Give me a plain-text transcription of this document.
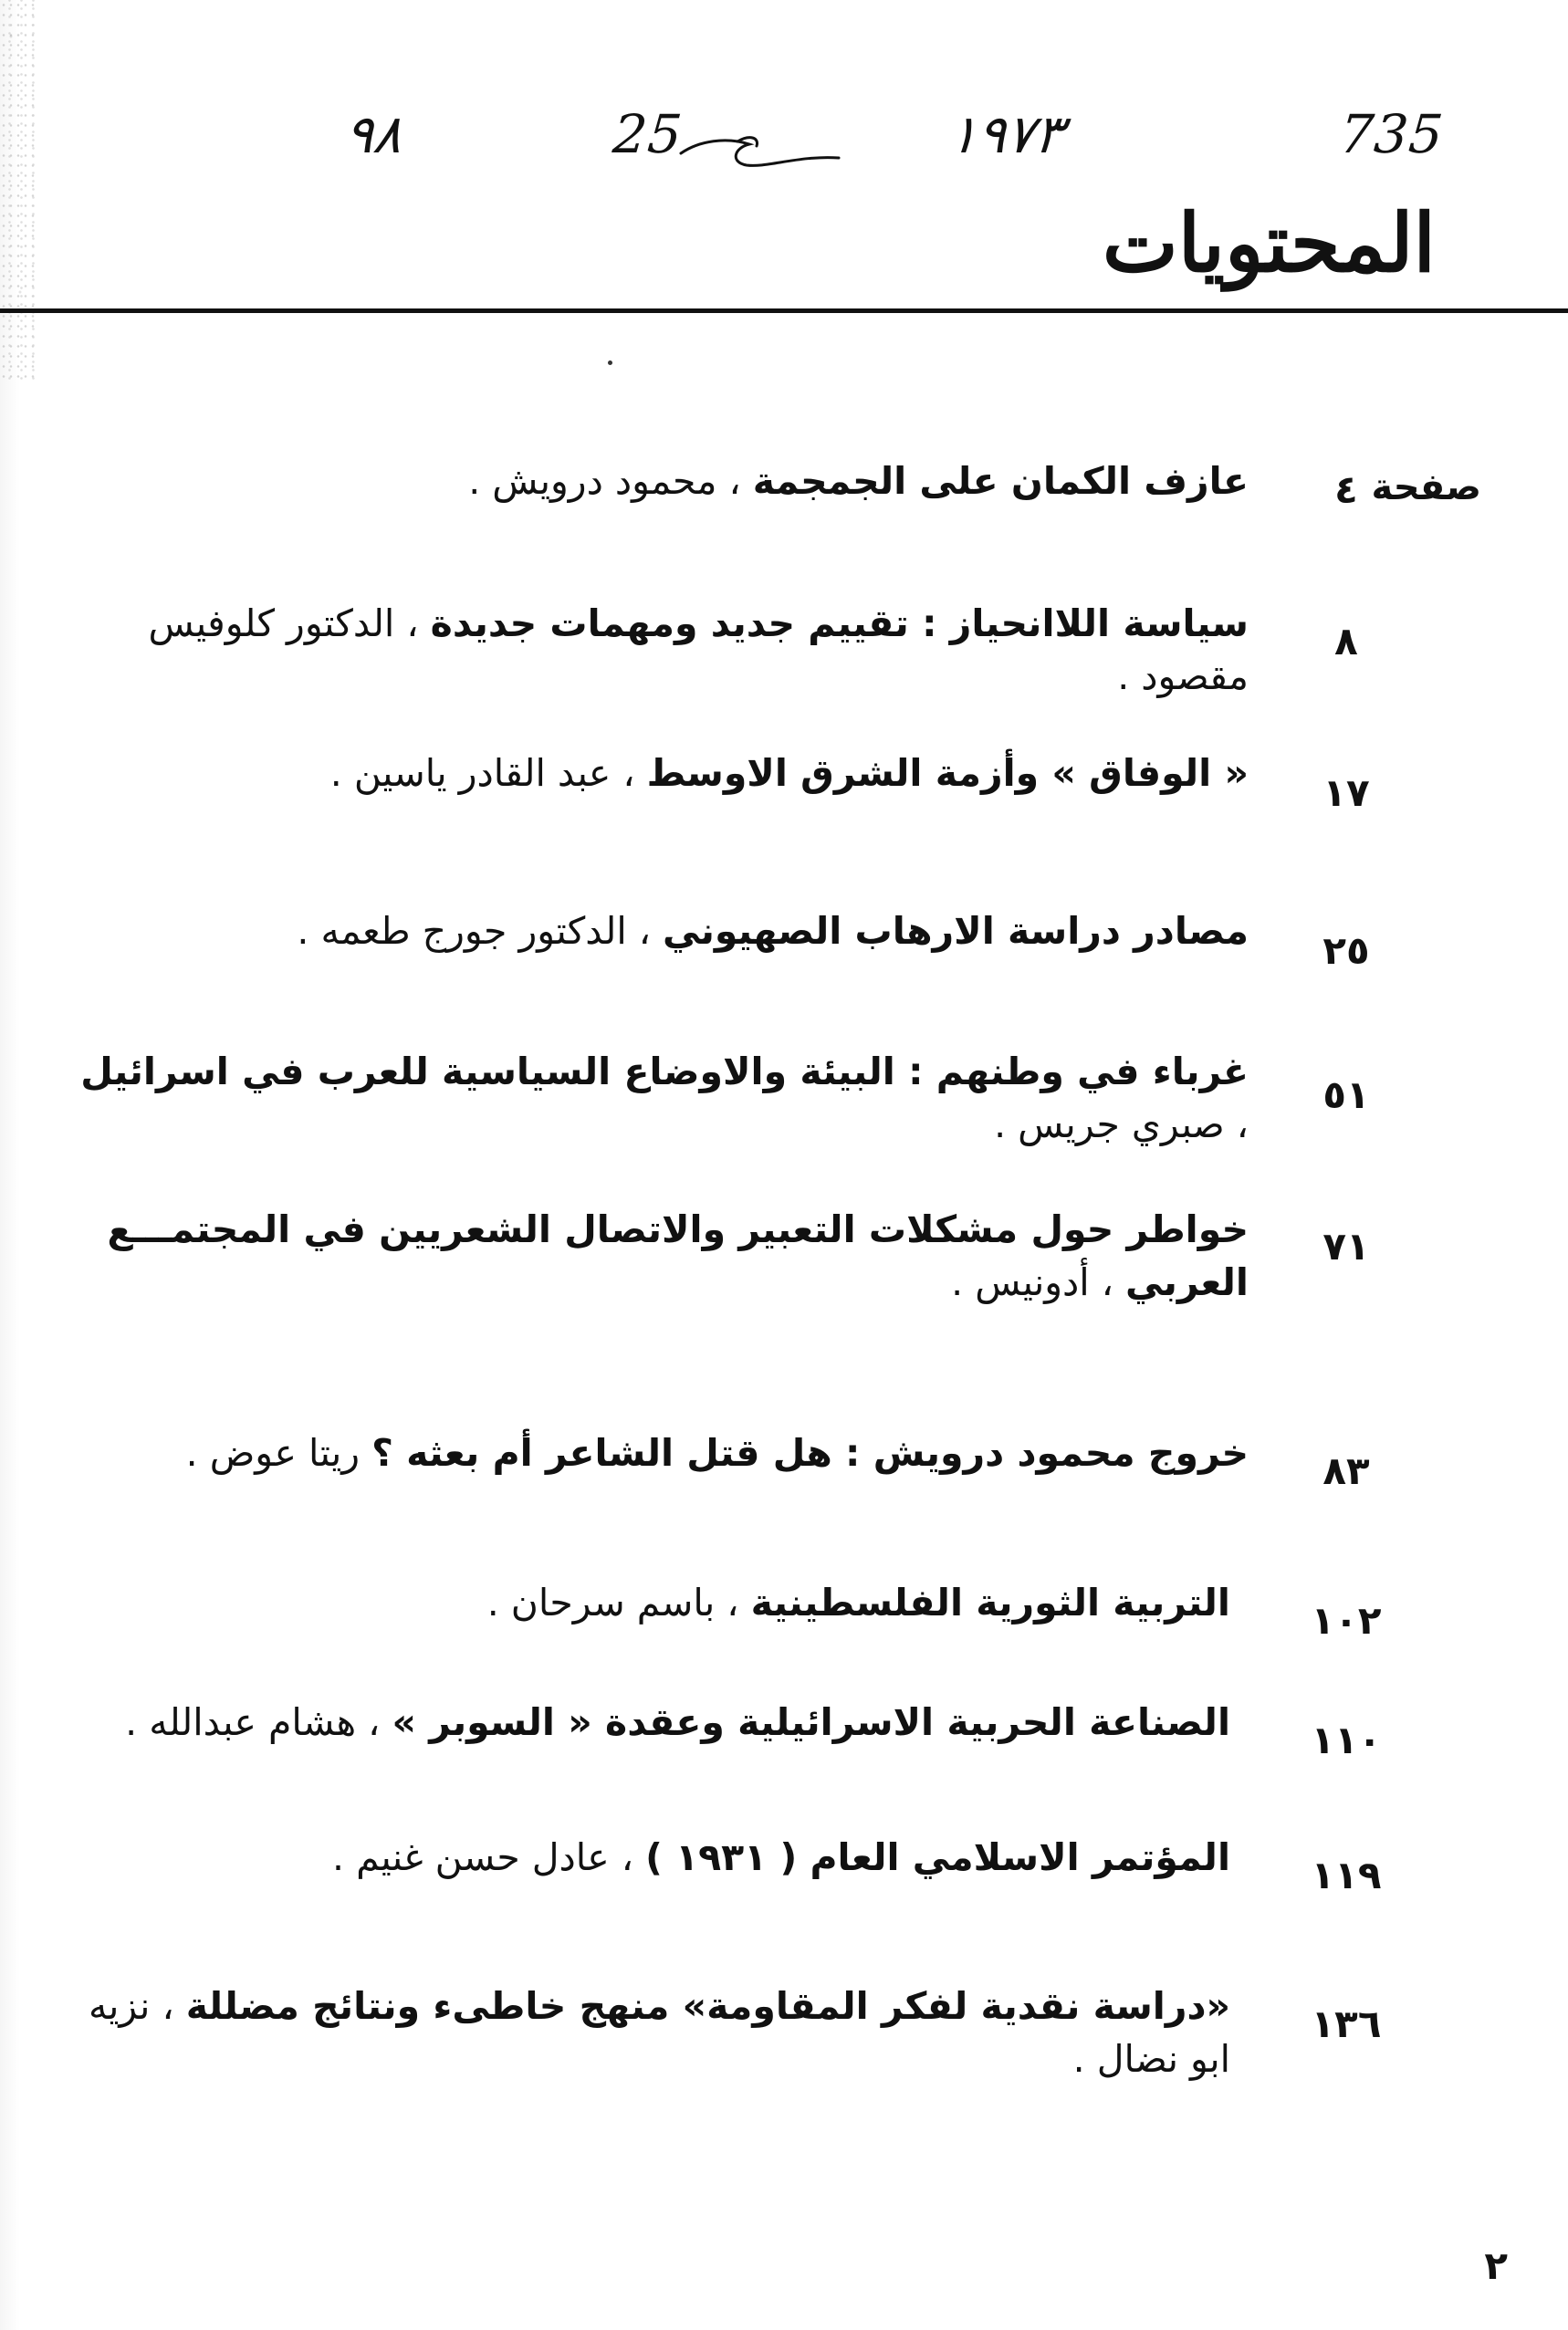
735
١٩٧٣
25
٩٨
المحتويات
صفحة
٤
عازف الكمان على الجمجمة ، محمود درويش .
٨
سياسة اللاانحياز : تقييم جديد ومهمات جديدة ، الدكتور كلوفيس مقصود .
١٧
« الوفاق » وأزمة الشرق الاوسط ، عبد القادر ياسين .
٢٥
مصادر دراسة الارهاب الصهيوني ، الدكتور جورج طعمه .
٥١
غرباء في وطنهم : البيئة والاوضاع السياسية للعرب في اسرائيل ، صبري جريس .
٧١
خواطر حول مشكلات التعبير والاتصال الشعريين في المجتمـــع العربي ، أدونيس .
٨٣
خروج محمود درويش : هل قتل الشاعر أم بعثه ؟ ريتا عوض .
١٠٢
التربية الثورية الفلسطينية ، باسم سرحان .
١١٠
الصناعة الحربية الاسرائيلية وعقدة « السوبر » ، هشام عبدالله .
١١٩
المؤتمر الاسلامي العام ( ١٩٣١ ) ، عادل حسن غنيم .
١٣٦
«دراسة نقدية لفكر المقاومة» منهج خاطىء ونتائج مضللة ، نزيه ابو نضال .
٢
